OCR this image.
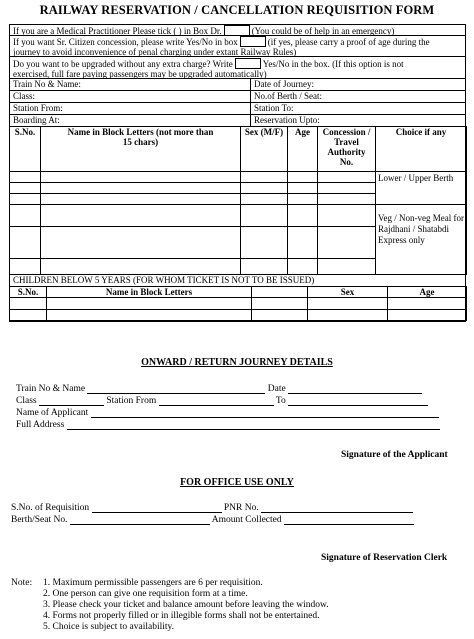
RAILWAY RESERVATION / CANCELLATION REQUISITION FORM
If you are a Medical Practitioner Please tick ( ) in Box Dr.	(You could be of help in an emergency)
If you want Sr. Citizen concession, please write Yes/No in box	(if yes, please carry a proof of age during the
journey to avoid inconvenience of penal charging under extant Railway Rules)
Do you want to be upgraded without any extra charge? Write	Yes/No in the box. (If this option is not
exercised, full fare paying passengers may be upgraded automatically)
Train No & Name:	Date of Journey:
Class:	No.of Berth / Seat:
Station From:	Station To:
Boarding At:	Reservation Upto:
S.No.	Name in Block Letters (not more than 15 chars)	Sex (M/F)	Age	Concession / Travel Authority No.	Choice if any
					Lower / Upper Berth

					Veg / Non-veg Meal for Rajdhani / Shatabdi Express only

CHILDREN BELOW 5 YEARS (FOR WHOM TICKET IS NOT TO BE ISSUED)
S.No.	Name in Block Letters		Sex	Age

ONWARD / RETURN JOURNEY DETAILS
Train No & Name	Date
Class	Station From	To
Name of Applicant
Full Address
Signature of the Applicant
FOR OFFICE USE ONLY
S.No. of Requisition	PNR No.
Berth/Seat No.	Amount Collected
Signature of Reservation Clerk
Note: 1. Maximum permissible passengers are 6 per requisition.
2. One person can give one requisition form at a time.
3. Please check your ticket and balance amount before leaving the window.
4. Forms not properly filled or in illegible forms shall not be entertained.
5. Choice is subject to availability.
